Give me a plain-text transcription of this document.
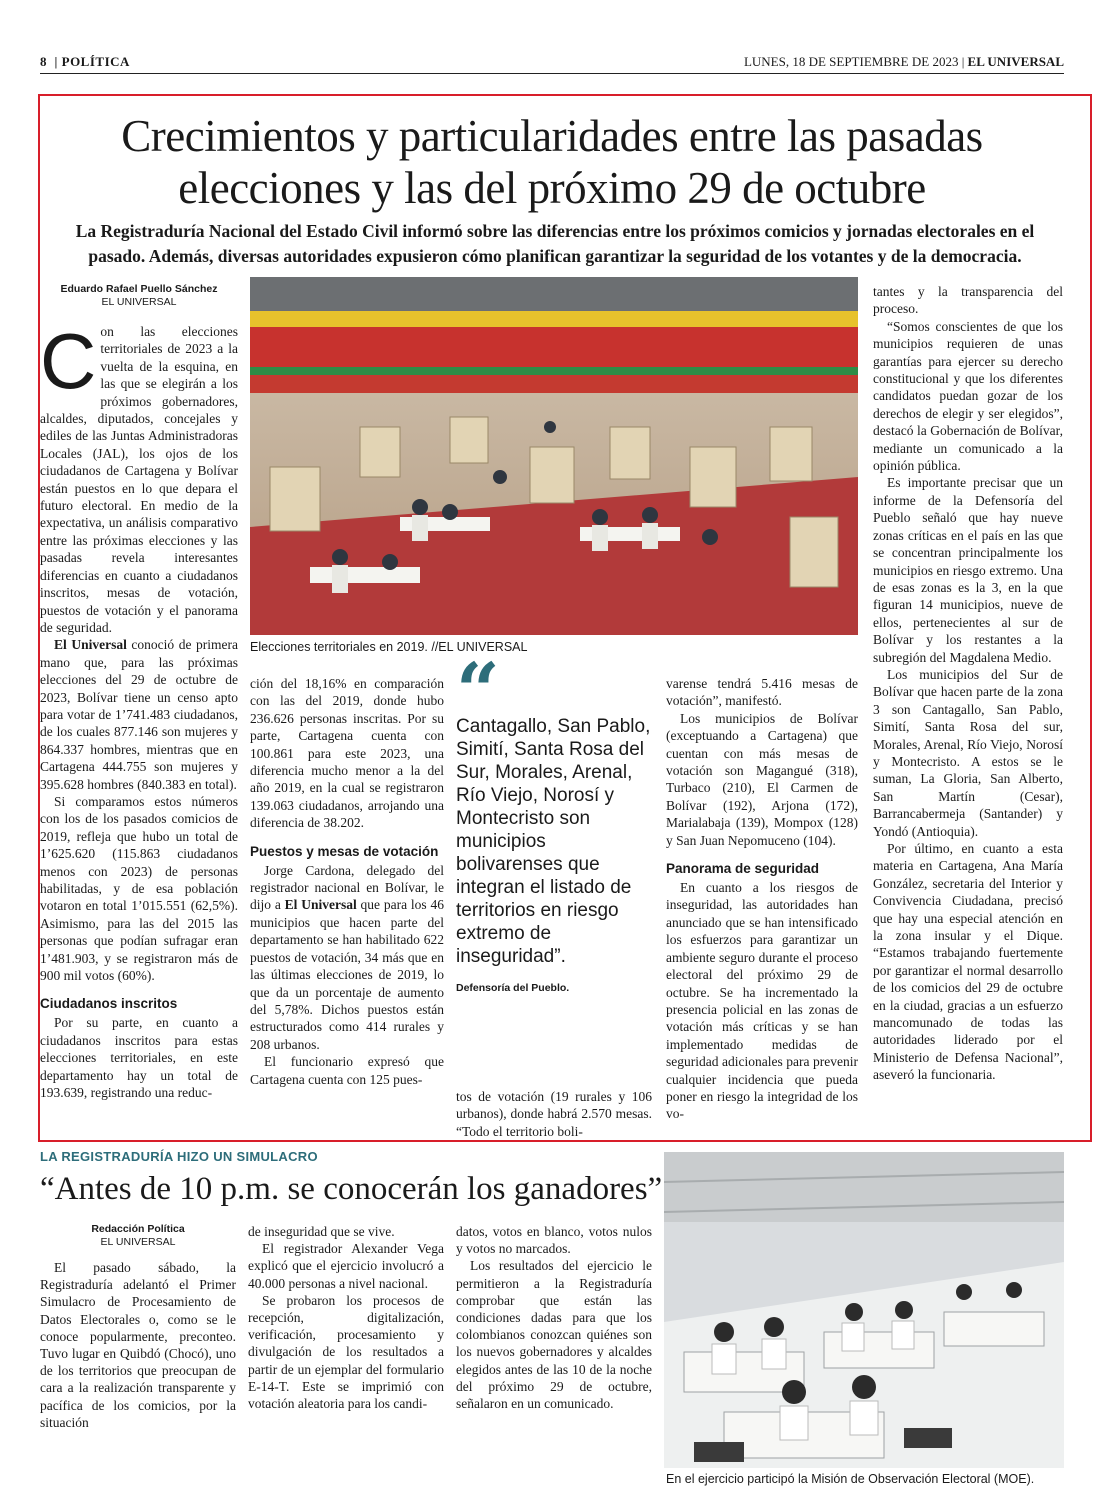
8  | POLÍTICA	LUNES, 18 DE SEPTIEMBRE DE 2023 | EL UNIVERSAL
Crecimientos y particularidades entre las pasadas
elecciones y las del próximo 29 de octubre
La Registraduría Nacional del Estado Civil informó sobre las diferencias entre los próximos comicios y jornadas electorales en el pasado. Además, diversas autoridades expusieron cómo planifican garantizar la seguridad de los votantes y de la democracia.
Eduardo Rafael Puello Sánchez
EL UNIVERSAL

Con las elecciones territoriales de 2023 a la vuelta de la esquina, en las que se elegirán a los próximos gobernadores, alcaldes, diputados, concejales y ediles de las Juntas Administradoras Locales (JAL), los ojos de los ciudadanos de Cartagena y Bolívar están puestos en lo que depara el futuro electoral. En medio de la expectativa, un análisis comparativo entre las próximas elecciones y las pasadas revela interesantes diferencias en cuanto a ciudadanos inscritos, mesas de votación, puestos de votación y el panorama de seguridad.

El Universal conoció de primera mano que, para las próximas elecciones del 29 de octubre de 2023, Bolívar tiene un censo apto para votar de 1’741.483 ciudadanos, de los cuales 877.146 son mujeres y 864.337 hombres, mientras que en Cartagena 444.755 son mujeres y 395.628 hombres (840.383 en total).

Si comparamos estos números con los de los pasados comicios de 2019, refleja que hubo un total de 1’625.620 (115.863 ciudadanos menos con 2023) de personas habilitadas, y de esa población votaron en total 1’015.551 (62,5%). Asimismo, para las del 2015 las personas que podían sufragar eran 1’481.903, y se registraron más de 900 mil votos (60%).

Ciudadanos inscritos

Por su parte, en cuanto a ciudadanos inscritos para estas elecciones territoriales, en este departamento hay un total de 193.639, registrando una reduc-

Elecciones territoriales en 2019. //EL UNIVERSAL

ción del 18,16% en comparación con las del 2019, donde hubo 236.626 personas inscritas. Por su parte, Cartagena cuenta con 100.861 para este 2023, una diferencia mucho menor a la del año 2019, en la cual se registraron 139.063 ciudadanos, arrojando una diferencia de 38.202.

Puestos y mesas de votación

Jorge Cardona, delegado del registrador nacional en Bolívar, le dijo a El Universal que para los 46 municipios que hacen parte del departamento se han habilitado 622 puestos de votación, 34 más que en las últimas elecciones de 2019, lo que da un porcentaje de aumento del 5,78%. Dichos puestos están estructurados como 414 rurales y 208 urbanos.

El funcionario expresó que Cartagena cuenta con 125 pues-

“
Cantagallo, San Pablo, Simití, Santa Rosa del Sur, Morales, Arenal, Río Viejo, Norosí y Montecristo son municipios bolivarenses que integran el listado de territorios en riesgo extremo de inseguridad”.
Defensoría del Pueblo.

tos de votación (19 rurales y 106 urbanos), donde habrá 2.570 mesas. “Todo el territorio boli-

varense tendrá 5.416 mesas de votación”, manifestó.

Los municipios de Bolívar (exceptuando a Cartagena) que cuentan con más mesas de votación son Magangué (318), Turbaco (210), El Carmen de Bolívar (192), Arjona (172), Marialabaja (139), Mompox (128) y San Juan Nepomuceno (104).

Panorama de seguridad

En cuanto a los riesgos de inseguridad, las autoridades han anunciado que se han intensificado los esfuerzos para garantizar un ambiente seguro durante el proceso electoral del próximo 29 de octubre. Se ha incrementado la presencia policial en las zonas de votación más críticas y se han implementado medidas de seguridad adicionales para prevenir cualquier incidencia que pueda poner en riesgo la integridad de los vo-

tantes y la transparencia del proceso.

“Somos conscientes de que los municipios requieren de unas garantías para ejercer su derecho constitucional y que los diferentes candidatos puedan gozar de los derechos de elegir y ser elegidos”, destacó la Gobernación de Bolívar, mediante un comunicado a la opinión pública.

Es importante precisar que un informe de la Defensoría del Pueblo señaló que hay nueve zonas críticas en el país en las que se concentran principalmente los municipios en riesgo extremo. Una de esas zonas es la 3, en la que figuran 14 municipios, nueve de ellos, pertenecientes al sur de Bolívar y los restantes a la subregión del Magdalena Medio.

Los municipios del Sur de Bolívar que hacen parte de la zona 3 son Cantagallo, San Pablo, Simití, Santa Rosa del sur, Morales, Arenal, Río Viejo, Norosí y Montecristo. A estos se le suman, La Gloria, San Alberto, San Martín (Cesar), Barrancabermeja (Santander) y Yondó (Antioquia).

Por último, en cuanto a esta materia en Cartagena, Ana María González, secretaria del Interior y Convivencia Ciudadana, precisó que hay una especial atención en la zona insular y el Dique. “Estamos trabajando fuertemente por garantizar el normal desarrollo de los comicios del 29 de octubre en la ciudad, gracias a un esfuerzo mancomunado de todas las autoridades liderado por el Ministerio de Defensa Nacional”, aseveró la funcionaria.

LA REGISTRADURÍA HIZO UN SIMULACRO
“Antes de 10 p.m. se conocerán los ganadores”
Redacción Política
EL UNIVERSAL

El pasado sábado, la Registraduría adelantó el Primer Simulacro de Procesamiento de Datos Electorales o, como se le conoce popularmente, preconteo. Tuvo lugar en Quibdó (Chocó), uno de los territorios que preocupan de cara a la realización transparente y pacífica de los comicios, por la situación

de inseguridad que se vive.

El registrador Alexander Vega explicó que el ejercicio involucró a 40.000 personas a nivel nacional.

Se probaron los procesos de recepción, digitalización, verificación, procesamiento y divulgación de los resultados a partir de un ejemplar del formulario E-14-T. Este se imprimió con votación aleatoria para los candi-

datos, votos en blanco, votos nulos y votos no marcados.

Los resultados del ejercicio le permitieron a la Registraduría comprobar que están las condiciones dadas para que los colombianos conozcan quiénes son los nuevos gobernadores y alcaldes elegidos antes de las 10 de la noche del próximo 29 de octubre, señalaron en un comunicado.

En el ejercicio participó la Misión de Observación Electoral (MOE).
